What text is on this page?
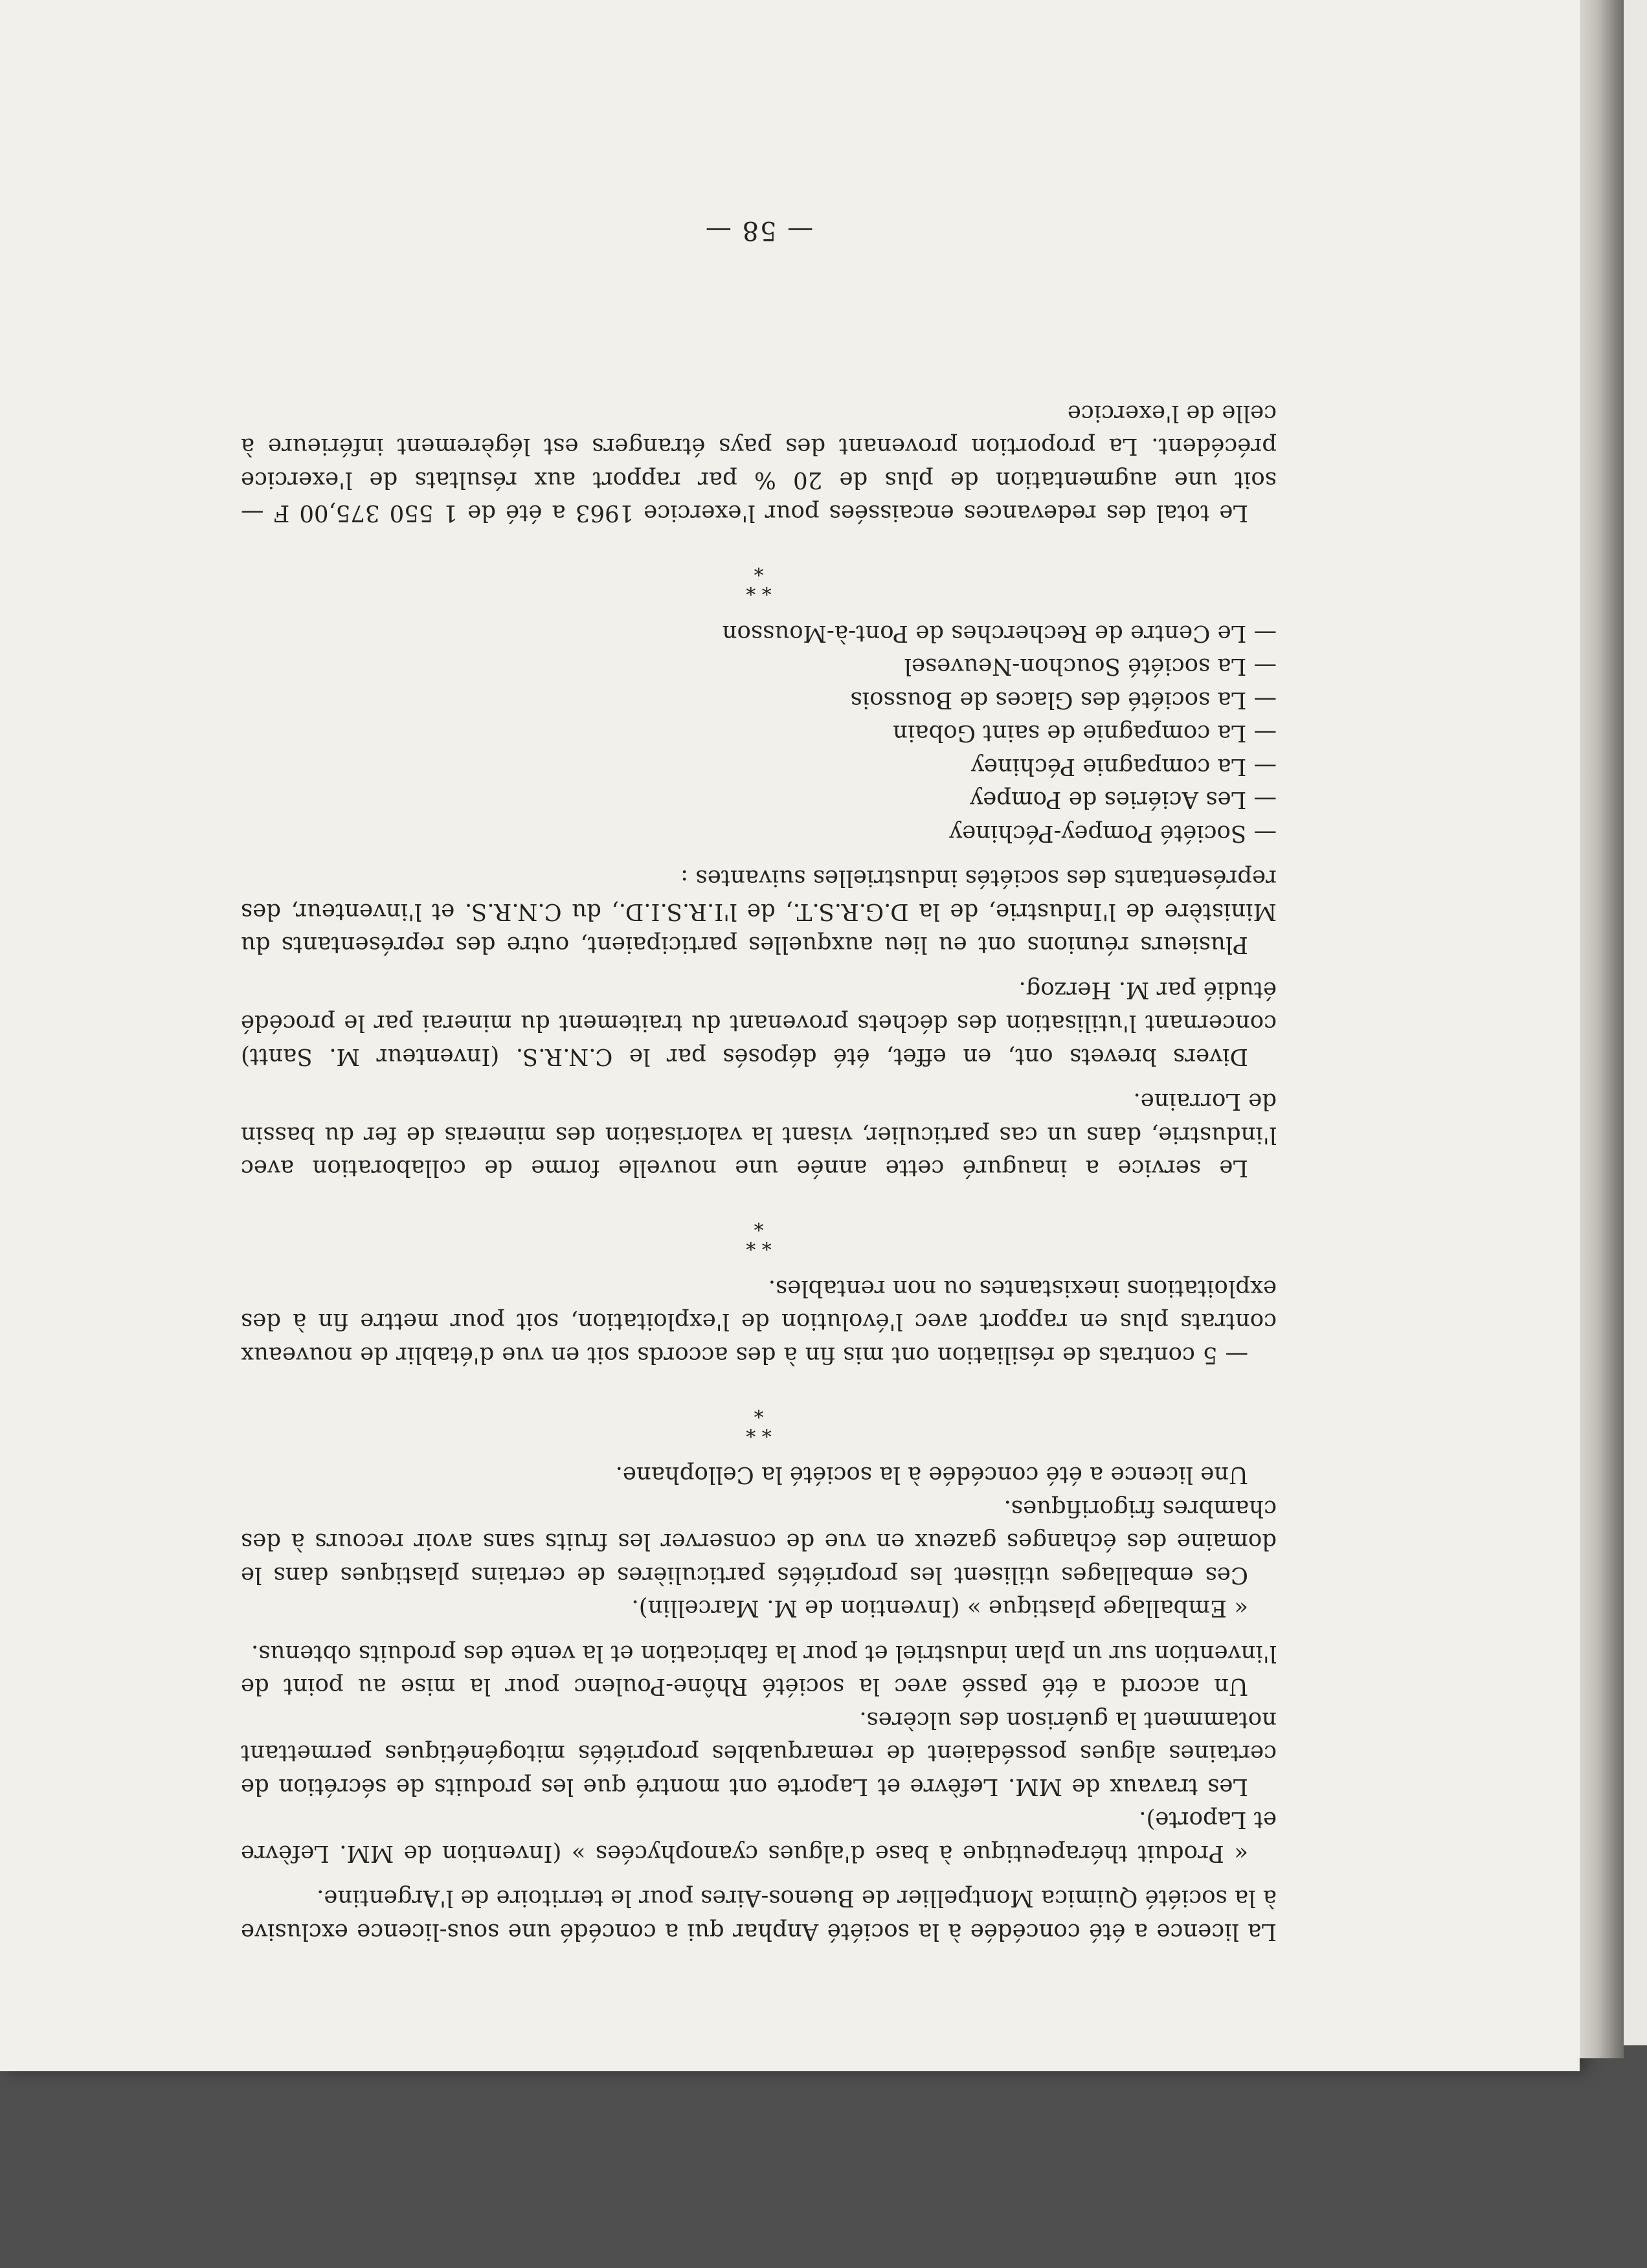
La licence a été concédée à la société Anphar qui a concédé une sous-licence exclusive à la société Quimica Montpellier de Buenos-Aires pour le territoire de l'Argentine.

« Produit thérapeutique à base d'algues cyanophycées » (Invention de MM. Lefèvre et Laporte).

Les travaux de MM. Lefèvre et Laporte ont montré que les produits de sécrétion de certaines algues possédaient de remarquables propriétés mitogénétiques permettant notamment la guérison des ulcères.

Un accord a été passé avec la société Rhône-Poulenc pour la mise au point de l'invention sur un plan industriel et pour la fabrication et la vente des produits obtenus.

« Emballage plastique » (Invention de M. Marcellin).

Ces emballages utilisent les propriétés particulières de certains plastiques dans le domaine des échanges gazeux en vue de conserver les fruits sans avoir recours à des chambres frigorifiques.

Une licence a été concédée à la société la Cellophane.

* *
*

— 5 contrats de résiliation ont mis fin à des accords soit en vue d'établir de nouveaux contrats plus en rapport avec l'évolution de l'exploitation, soit pour mettre fin à des exploitations inexistantes ou non rentables.

* *
*

Le service a inauguré cette année une nouvelle forme de collaboration avec l'industrie, dans un cas particulier, visant la valorisation des minerais de fer du bassin de Lorraine.

Divers brevets ont, en effet, été déposés par le C.N.R.S. (Inventeur M. Santt) concernant l'utilisation des déchets provenant du traitement du minerai par le procédé étudié par M. Herzog.

Plusieurs réunions ont eu lieu auxquelles participaient, outre des représentants du Ministère de l'Industrie, de la D.G.R.S.T., de l'I.R.S.I.D., du C.N.R.S. et l'inventeur, des représentants des sociétés industrielles suivantes :

— Société Pompey-Péchiney

— Les Aciéries de Pompey

— La compagnie Péchiney

— La compagnie de saint Gobain

— La société des Glaces de Boussois

— La société Souchon-Neuvesel

— Le Centre de Recherches de Pont-à-Mousson

* *
*

Le total des redevances encaissées pour l'exercice 1963 a été de 1 550 375,00 F — soit une augmentation de plus de 20 % par rapport aux résultats de l'exercice précédent. La proportion provenant des pays étrangers est légèrement inférieure à celle de l'exercice

— 58 —
